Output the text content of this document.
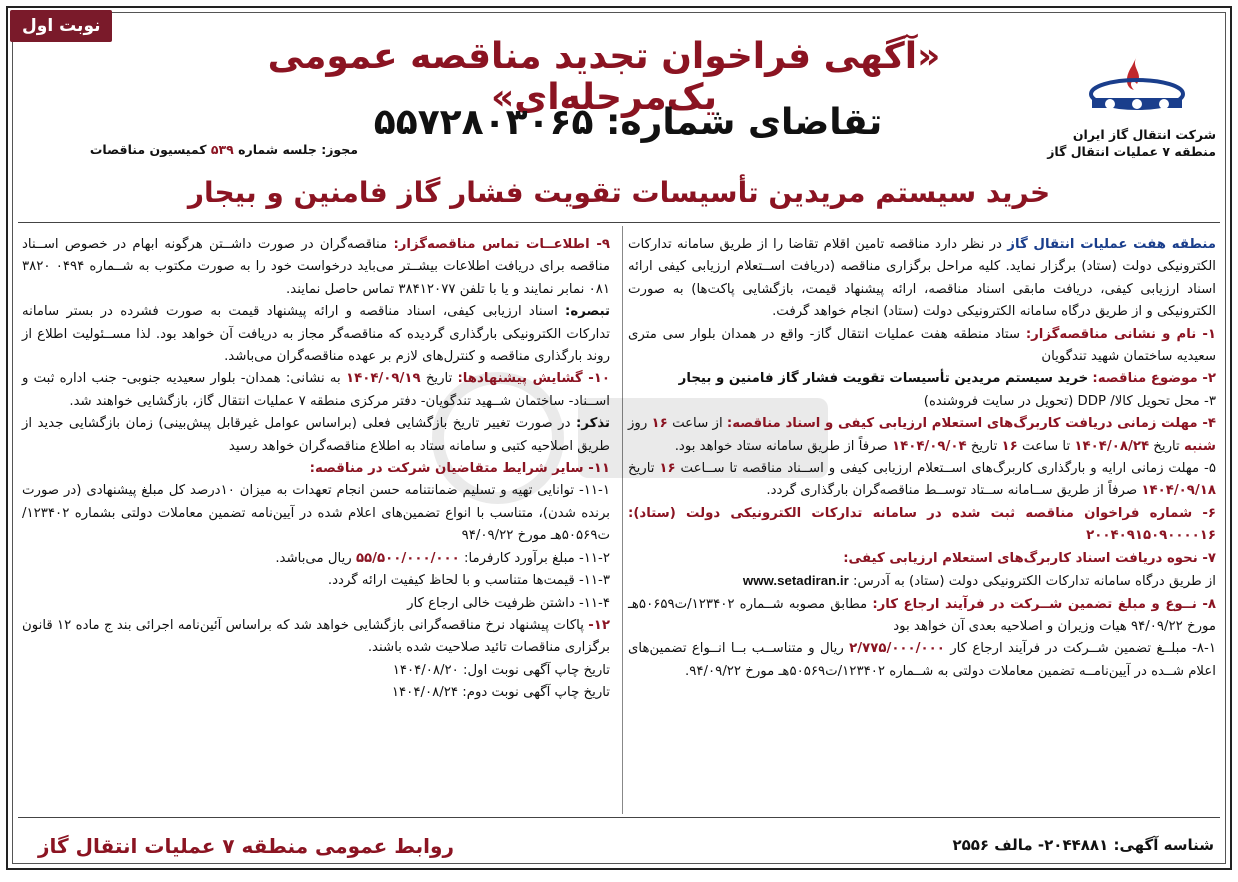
نوبت اول
شرکت انتقال گاز ایران
منطقه ۷ عملیات انتقال گاز
«آگهی فراخوان تجدید مناقصه عمومی یک‌مرحله‌ای»
تقاضای شماره: ۵۵۷۲۸۰۳۰۶۵
مجوز: جلسه شماره ۵۳۹ کمیسیون مناقصات
خرید سیستم مریدین تأسیسات تقویت فشار گاز فامنین و بیجار

منطقه هفت عملیات انتقال گاز در نظر دارد مناقصه تامین اقلام تقاضا را از طریق سامانه تدارکات الکترونیکی دولت (ستاد) برگزار نماید. کلیه مراحل برگزاری مناقصه (دریافت اســتعلام ارزیابی کیفی ارائه اسناد ارزیابی کیفی، دریافت مابقی اسناد مناقصه، ارائه پیشنهاد قیمت، بازگشایی پاکت‌ها) به صورت الکترونیکی و از طریق درگاه سامانه الکترونیکی دولت (ستاد) انجام خواهد گرفت.

۱- نام و نشانی مناقصه‌گزار: ستاد منطقه هفت عملیات انتقال گاز- واقع در همدان بلوار سی متری سعیدیه ساختمان شهید تندگویان

۲- موضوع مناقصه: خرید سیستم مریدین تأسیسات تقویت فشار گاز فامنین و بیجار

۳- محل تحویل کالا/ DDP (تحویل در سایت فروشنده)

۴- مهلت زمانی دریافت کاربرگ‌های استعلام ارزیابی کیفی و اسناد مناقصه: از ساعت ۱۶ روز شنبه تاریخ ۱۴۰۴/۰۸/۲۴ تا ساعت ۱۶ تاریخ ۱۴۰۴/۰۹/۰۴ صرفاً از طریق سامانه ستاد خواهد بود.

۵- مهلت زمانی ارایه و بارگذاری کاربرگ‌های اســتعلام ارزیابی کیفی و اســناد مناقصه تا ســاعت ۱۶ تاریخ ۱۴۰۴/۰۹/۱۸ صرفاً از طریق ســامانه ســتاد توســط مناقصه‌گران بارگذاری گردد.

۶- شماره فراخوان مناقصه ثبت شده در سامانه تدارکات الکترونیکی دولت (ستاد): ۲۰۰۴۰۹۱۵۰۹۰۰۰۰۱۶

۷- نحوه دریافت اسناد کاربرگ‌های استعلام ارزیابی کیفی:

از طریق درگاه سامانه تدارکات الکترونیکی دولت (ستاد) به آدرس: www.setadiran.ir

۸- نــوع و مبلغ تضمین شــرکت در فرآیند ارجاع کار: مطابق مصوبه شــماره ۱۲۳۴۰۲/ت۵۰۶۵۹هـ مورخ ۹۴/۰۹/۲۲ هیات وزیران و اصلاحیه بعدی آن خواهد بود

۸-۱- مبلــغ تضمین شــرکت در فرآیند ارجاع کار ۲/۷۷۵/۰۰۰/۰۰۰ ریال و متناســب بــا انــواع تضمین‌های اعلام شــده در آیین‌نامــه تضمین معاملات دولتی به شــماره ۱۲۳۴۰۲/ت۵۰۵۶۹هـ مورخ ۹۴/۰۹/۲۲.

۹- اطلاعــات تماس مناقصه‌گزار: مناقصه‌گران در صورت داشــتن هرگونه ابهام در خصوص اســناد مناقصه برای دریافت اطلاعات بیشــتر می‌باید درخواست خود را به صورت مکتوب به شــماره ۰۴۹۴ ۳۸۲۰ ۰۸۱ نمابر نمایند و یا با تلفن ۳۸۴۱۲۰۷۷ تماس حاصل نمایند.

تبصره: اسناد ارزیابی کیفی، اسناد مناقصه و ارائه پیشنهاد قیمت به صورت فشرده در بستر سامانه تدارکات الکترونیکی بارگذاری گردیده که مناقصه‌گر مجاز به دریافت آن خواهد بود. لذا مســئولیت اطلاع از روند بارگذاری مناقصه و کنترل‌های لازم بر عهده مناقصه‌گران می‌باشد.

۱۰- گشایش پیشنهادها: تاریخ ۱۴۰۴/۰۹/۱۹ به نشانی: همدان- بلوار سعیدیه جنوبی- جنب اداره ثبت و اســناد- ساختمان شــهید تندگویان- دفتر مرکزی منطقه ۷ عملیات انتقال گاز، بازگشایی خواهند شد.

تذکر: در صورت تغییر تاریخ بازگشایی فعلی (براساس عوامل غیرقابل پیش‌بینی) زمان بازگشایی جدید از طریق اصلاحیه کتبی و سامانه ستاد به اطلاع مناقصه‌گران خواهد رسید

۱۱- سایر شرایط متقاضیان شرکت در مناقصه:

۱۱-۱- توانایی تهیه و تسلیم ضمانتنامه حسن انجام تعهدات به میزان ۱۰درصد کل مبلغ پیشنهادی (در صورت برنده شدن)، متناسب با انواع تضمین‌های اعلام شده در آیین‌نامه تضمین معاملات دولتی بشماره ۱۲۳۴۰۲/ت۵۰۵۶۹هـ مورخ ۹۴/۰۹/۲۲

۱۱-۲- مبلغ برآورد کارفرما: ۵۵/۵۰۰/۰۰۰/۰۰۰ ریال می‌باشد.

۱۱-۳- قیمت‌ها متناسب و با لحاظ کیفیت ارائه گردد.

۱۱-۴- داشتن ظرفیت خالی ارجاع کار

۱۲- پاکات پیشنهاد نرخ مناقصه‌گرانی بازگشایی خواهد شد که براساس آئین‌نامه اجرائی بند ج ماده ۱۲ قانون برگزاری مناقصات تائید صلاحیت شده باشند.

تاریخ چاپ آگهی نوبت اول: ۱۴۰۴/۰۸/۲۰

تاریخ چاپ آگهی نوبت دوم: ۱۴۰۴/۰۸/۲۴

شناسه آگهی: ۲۰۴۴۸۸۱- مالف ۲۵۵۶
روابط عمومی منطقه ۷ عملیات انتقال گاز
